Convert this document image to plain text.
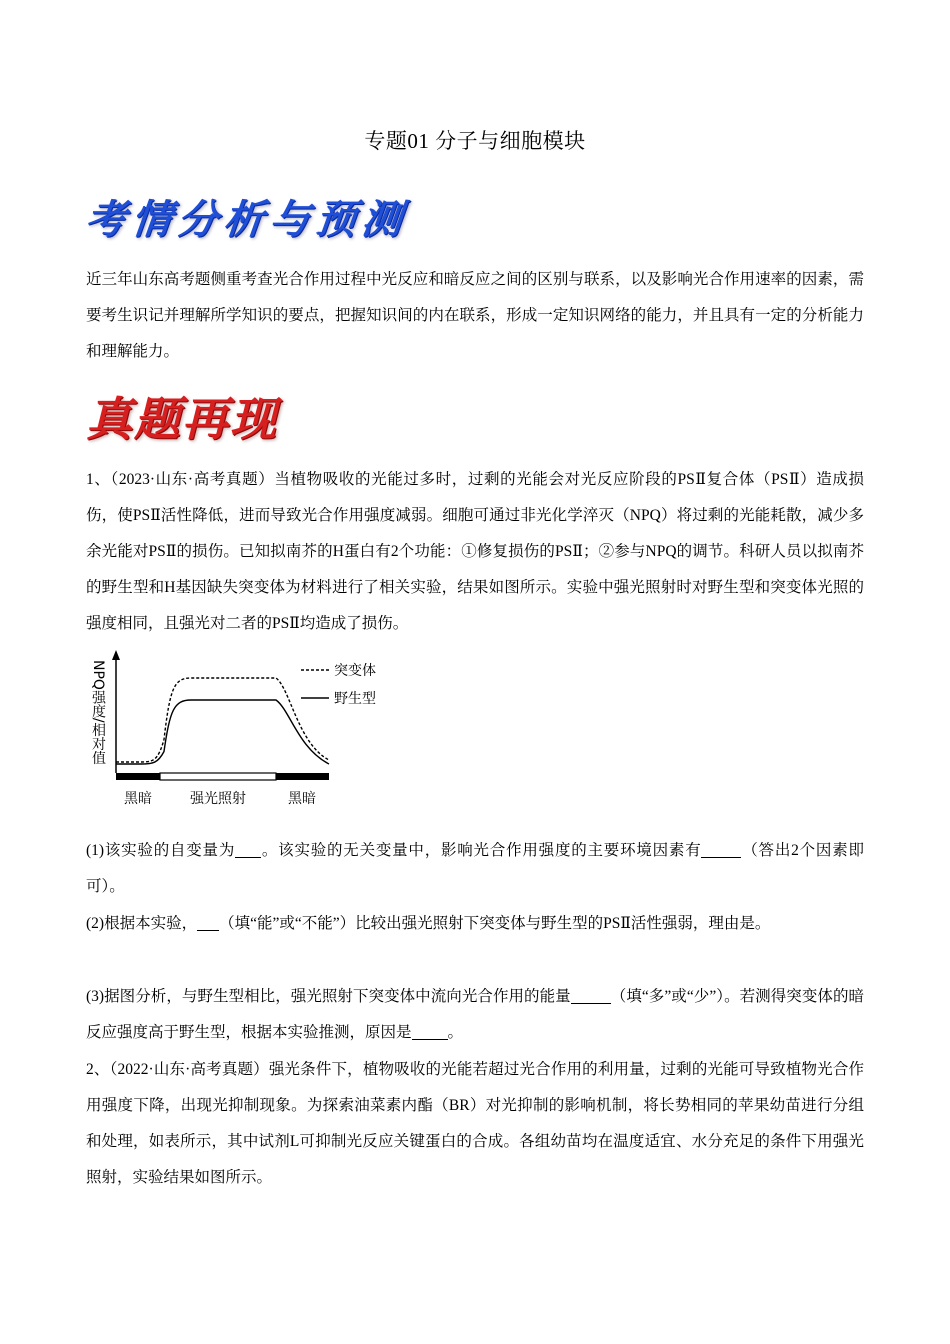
专题01 分子与细胞模块
考情分析与预测

近三年山东高考题侧重考查光合作用过程中光反应和暗反应之间的区别与联系，以及影响光合作用速率的因素，需要考生识记并理解所学知识的要点，把握知识间的内在联系，形成一定知识网络的能力，并且具有一定的分析能力和理解能力。

真题再现

1、（2023·山东·高考真题）当植物吸收的光能过多时，过剩的光能会对光反应阶段的PSⅡ复合体（PSⅡ）造成损伤，使PSⅡ活性降低，进而导致光合作用强度减弱。细胞可通过非光化学淬灭（NPQ）将过剩的光能耗散，减少多余光能对PSⅡ的损伤。已知拟南芥的H蛋白有2个功能：①修复损伤的PSⅡ；②参与NPQ的调节。科研人员以拟南芥的野生型和H基因缺失突变体为材料进行了相关实验，结果如图所示。实验中强光照射时对野生型和突变体光照的强度相同，且强光对二者的PSⅡ均造成了损伤。

NPQ强度/相对值
黑暗	强光照射	黑暗
突变体
野生型
(1)该实验的自变量为 。该实验的无关变量中，影响光合作用强度的主要环境因素有	（答出2个因素即可）。
(2)根据本实验， （填“能”或“不能”）比较出强光照射下突变体与野生型的PSⅡ活性强弱，理由是。
(3)据图分析，与野生型相比，强光照射下突变体中流向光合作用的能量	（填“多”或“少”）。若测得突变体的暗反应强度高于野生型，根据本实验推测，原因是 。

2、（2022·山东·高考真题）强光条件下，植物吸收的光能若超过光合作用的利用量，过剩的光能可导致植物光合作用强度下降，出现光抑制现象。为探索油菜素内酯（BR）对光抑制的影响机制，将长势相同的苹果幼苗进行分组和处理，如表所示，其中试剂L可抑制光反应关键蛋白的合成。各组幼苗均在温度适宜、水分充足的条件下用强光照射，实验结果如图所示。
